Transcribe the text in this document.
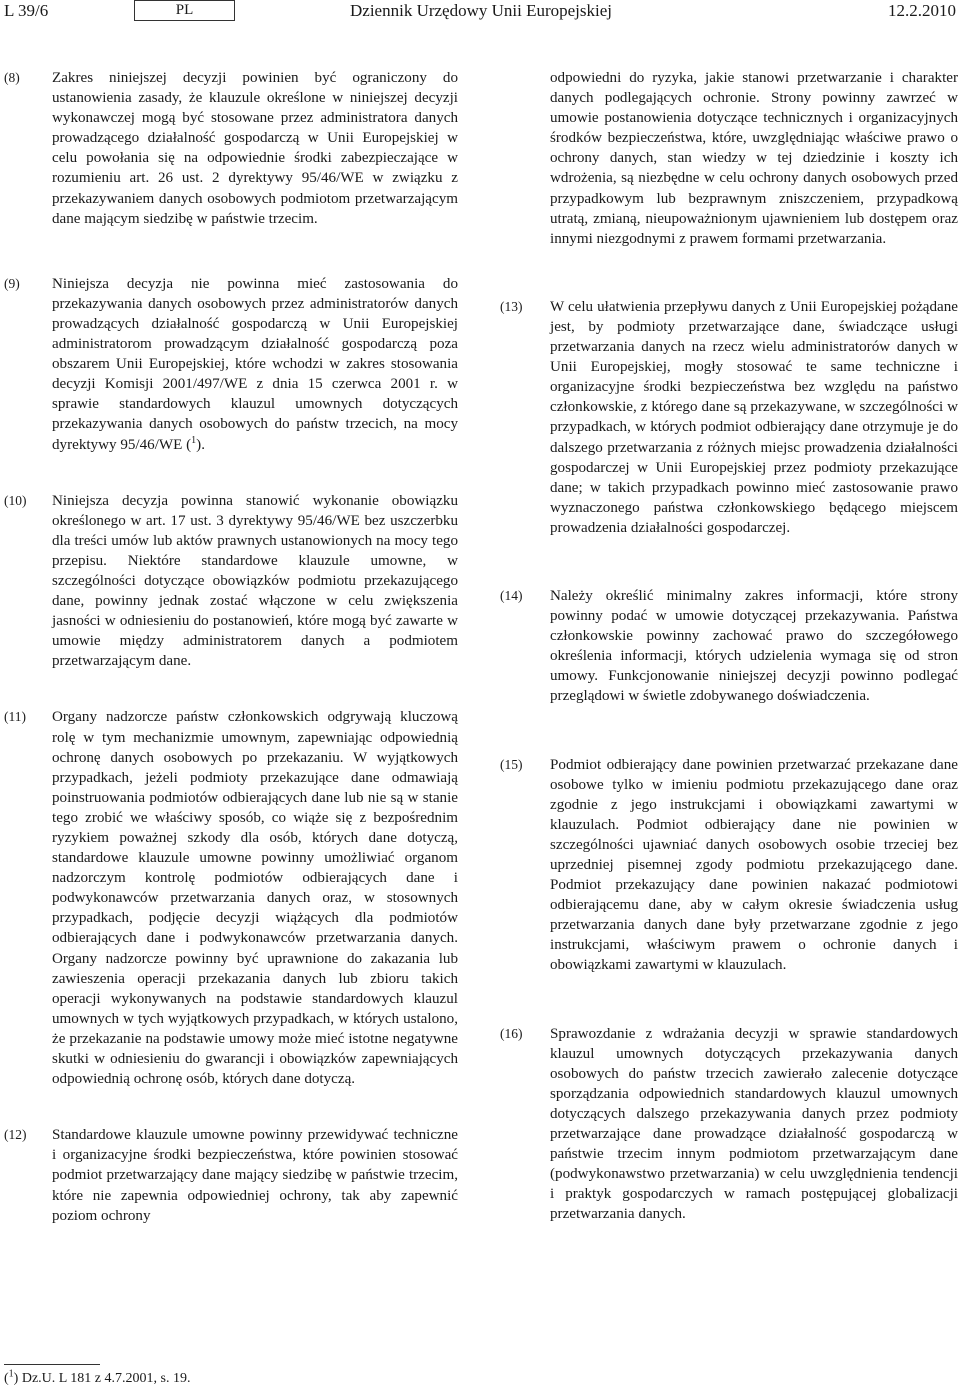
L 39/6	PL	Dziennik Urzędowy Unii Europejskiej	12.2.2010
(8) Zakres niniejszej decyzji powinien być ograniczony do ustanowienia zasady, że klauzule określone w niniejszej decyzji wykonawczej mogą być stosowane przez administratora danych prowadzącego działalność gospodarczą w Unii Europejskiej w celu powołania się na odpowiednie środki zabezpieczające w rozumieniu art. 26 ust. 2 dyrektywy 95/46/WE w związku z przekazywaniem danych osobowych podmiotom przetwarzającym dane mającym siedzibę w państwie trzecim.
(9) Niniejsza decyzja nie powinna mieć zastosowania do przekazywania danych osobowych przez administratorów danych prowadzących działalność gospodarczą w Unii Europejskiej administratorom prowadzącym działalność gospodarczą poza obszarem Unii Europejskiej, które wchodzi w zakres stosowania decyzji Komisji 2001/497/WE z dnia 15 czerwca 2001 r. w sprawie standardowych klauzul umownych dotyczących przekazywania danych osobowych do państw trzecich, na mocy dyrektywy 95/46/WE ($^1$).
(10) Niniejsza decyzja powinna stanowić wykonanie obowiązku określonego w art. 17 ust. 3 dyrektywy 95/46/WE bez uszczerbku dla treści umów lub aktów prawnych ustanowionych na mocy tego przepisu. Niektóre standardowe klauzule umowne, w szczególności dotyczące obowiązków podmiotu przekazującego dane, powinny jednak zostać włączone w celu zwiększenia jasności w odniesieniu do postanowień, które mogą być zawarte w umowie między administratorem danych a podmiotem przetwarzającym dane.
(11) Organy nadzorcze państw członkowskich odgrywają kluczową rolę w tym mechanizmie umownym, zapewniając odpowiednią ochronę danych osobowych po przekazaniu. W wyjątkowych przypadkach, jeżeli podmioty przekazujące dane odmawiają poinstruowania podmiotów odbierających dane lub nie są w stanie tego zrobić we właściwy sposób, co wiąże się z bezpośrednim ryzykiem poważnej szkody dla osób, których dane dotyczą, standardowe klauzule umowne powinny umożliwiać organom nadzorczym kontrolę podmiotów odbierających dane i podwykonawców przetwarzania danych oraz, w stosownych przypadkach, podjęcie decyzji wiążących dla podmiotów odbierających dane i podwykonawców przetwarzania danych. Organy nadzorcze powinny być uprawnione do zakazania lub zawieszenia operacji przekazania danych lub zbioru takich operacji wykonywanych na podstawie standardowych klauzul umownych w tych wyjątkowych przypadkach, w których ustalono, że przekazanie na podstawie umowy może mieć istotne negatywne skutki w odniesieniu do gwarancji i obowiązków zapewniających odpowiednią ochronę osób, których dane dotyczą.
(12) Standardowe klauzule umowne powinny przewidywać techniczne i organizacyjne środki bezpieczeństwa, które powinien stosować podmiot przetwarzający dane mający siedzibę w państwie trzecim, które nie zapewnia odpowiedniej ochrony, tak aby zapewnić poziom ochrony
odpowiedni do ryzyka, jakie stanowi przetwarzanie i charakter danych podlegających ochronie. Strony powinny zawrzeć w umowie postanowienia dotyczące technicznych i organizacyjnych środków bezpieczeństwa, które, uwzględniając właściwe prawo o ochrony danych, stan wiedzy w tej dziedzinie i koszty ich wdrożenia, są niezbędne w celu ochrony danych osobowych przed przypadkowym lub bezprawnym zniszczeniem, przypadkową utratą, zmianą, nieupoważnionym ujawnieniem lub dostępem oraz innymi niezgodnymi z prawem formami przetwarzania.
(13) W celu ułatwienia przepływu danych z Unii Europejskiej pożądane jest, by podmioty przetwarzające dane, świadczące usługi przetwarzania danych na rzecz wielu administratorów danych w Unii Europejskiej, mogły stosować te same techniczne i organizacyjne środki bezpieczeństwa bez względu na państwo członkowskie, z którego dane są przekazywane, w szczególności w przypadkach, w których podmiot odbierający dane otrzymuje je do dalszego przetwarzania z różnych miejsc prowadzenia działalności gospodarczej w Unii Europejskiej przez podmioty przekazujące dane; w takich przypadkach powinno mieć zastosowanie prawo wyznaczonego państwa członkowskiego będącego miejscem prowadzenia działalności gospodarczej.
(14) Należy określić minimalny zakres informacji, które strony powinny podać w umowie dotyczącej przekazywania. Państwa członkowskie powinny zachować prawo do szczegółowego określenia informacji, których udzielenia wymaga się od stron umowy. Funkcjonowanie niniejszej decyzji powinno podlegać przeglądowi w świetle zdobywanego doświadczenia.
(15) Podmiot odbierający dane powinien przetwarzać przekazane dane osobowe tylko w imieniu podmiotu przekazującego dane oraz zgodnie z jego instrukcjami i obowiązkami zawartymi w klauzulach. Podmiot odbierający dane nie powinien w szczególności ujawniać danych osobowych osobie trzeciej bez uprzedniej pisemnej zgody podmiotu przekazującego dane. Podmiot przekazujący dane powinien nakazać podmiotowi odbierającemu dane, aby w całym okresie świadczenia usług przetwarzania danych dane były przetwarzane zgodnie z jego instrukcjami, właściwym prawem o ochronie danych i obowiązkami zawartymi w klauzulach.
(16) Sprawozdanie z wdrażania decyzji w sprawie standardowych klauzul umownych dotyczących przekazywania danych osobowych do państw trzecich zawierało zalecenie dotyczące sporządzania odpowiednich standardowych klauzul umownych dotyczących dalszego przekazywania danych przez podmioty przetwarzające dane prowadzące działalność gospodarczą w państwie trzecim innym podmiotom przetwarzającym dane (podwykonawstwo przetwarzania) w celu uwzględnienia tendencji i praktyk gospodarczych w ramach postępującej globalizacji przetwarzania danych.
($^1$) Dz.U. L 181 z 4.7.2001, s. 19.
